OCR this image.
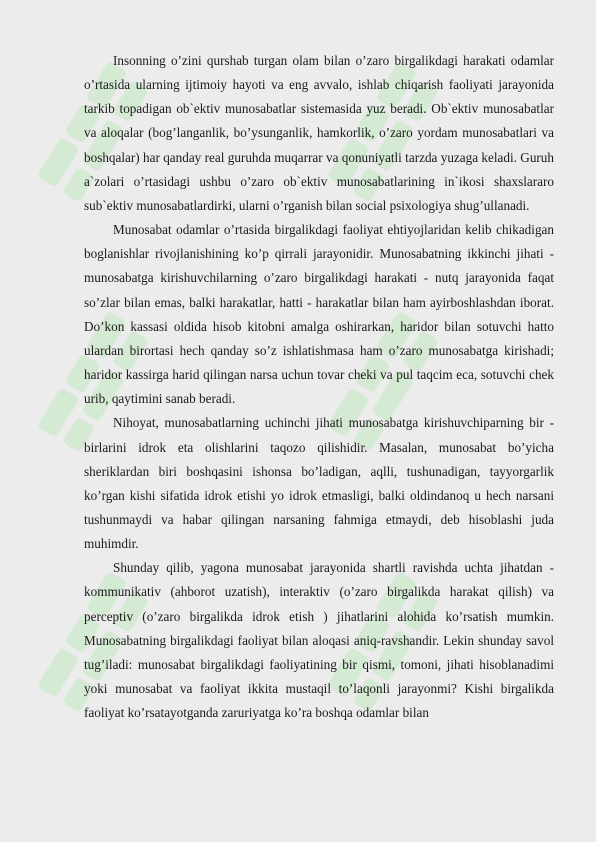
Insonning o’zini qurshab turgan olam bilan o’zaro birgalikdagi harakati odamlar o’rtasida ularning ijtimoiy hayoti va eng avvalo, ishlab chiqarish faoliyati jarayonida tarkib topadigan ob`ektiv munosabatlar sistemasida yuz beradi. Ob`ektiv munosabatlar va aloqalar (bog’langanlik, bo’ysunganlik, hamkorlik, o’zaro yordam munosabatlari va boshqalar) har qanday real guruhda muqarrar va qonuniyatli tarzda yuzaga keladi. Guruh a`zolari o’rtasidagi ushbu o’zaro ob`ektiv munosabatlarining in`ikosi shaxslararo sub`ektiv munosabatlardirki, ularni o’rganish bilan social psixologiya shug’ullanadi.

Munosabat odamlar o’rtasida birgalikdagi faoliyat ehtiyojlaridan kelib chikadigan boglanishlar rivojlanishining ko’p qirrali jarayonidir. Munosabatning ikkinchi jihati - munosabatga kirishuvchilarning o’zaro birgalikdagi harakati - nutq jarayonida faqat so’zlar bilan emas, balki harakatlar, hatti - harakatlar bilan ham ayirboshlashdan iborat. Do’kon kassasi oldida hisob kitobni amalga oshirarkan, haridor bilan sotuvchi hatto ulardan birortasi hech qanday so’z ishlatishmasa ham o’zaro munosabatga kirishadi; haridor kassirga harid qilingan narsa uchun tovar cheki va pul taqcim eca, sotuvchi chek urib, qaytimini sanab beradi.

Nihoyat, munosabatlarning uchinchi jihati munosabatga kirishuvchiparning bir - birlarini idrok eta olishlarini taqozo qilishidir. Masalan, munosabat bo’yicha sheriklardan biri boshqasini ishonsa bo’ladigan, aqlli, tushunadigan, tayyorgarlik ko’rgan kishi sifatida idrok etishi yo idrok etmasligi, balki oldindanoq u hech narsani tushunmaydi va habar qilingan narsaning fahmiga etmaydi, deb hisoblashi juda muhimdir.

Shunday qilib, yagona munosabat jarayonida shartli ravishda uchta jihatdan - kommunikativ (ahborot uzatish), interaktiv (o’zaro birgalikda harakat qilish) va perceptiv (o’zaro birgalikda idrok etish ) jihatlarini alohida ko’rsatish mumkin. Munosabatning birgalikdagi faoliyat bilan aloqasi aniq-ravshandir. Lekin shunday savol tug’iladi: munosabat birgalikdagi faoliyatining bir qismi, tomoni, jihati hisoblanadimi yoki munosabat va faoliyat ikkita mustaqil to’laqonli jarayonmi? Kishi birgalikda faoliyat ko’rsatayotganda zaruriyatga ko’ra boshqa odamlar bilan
